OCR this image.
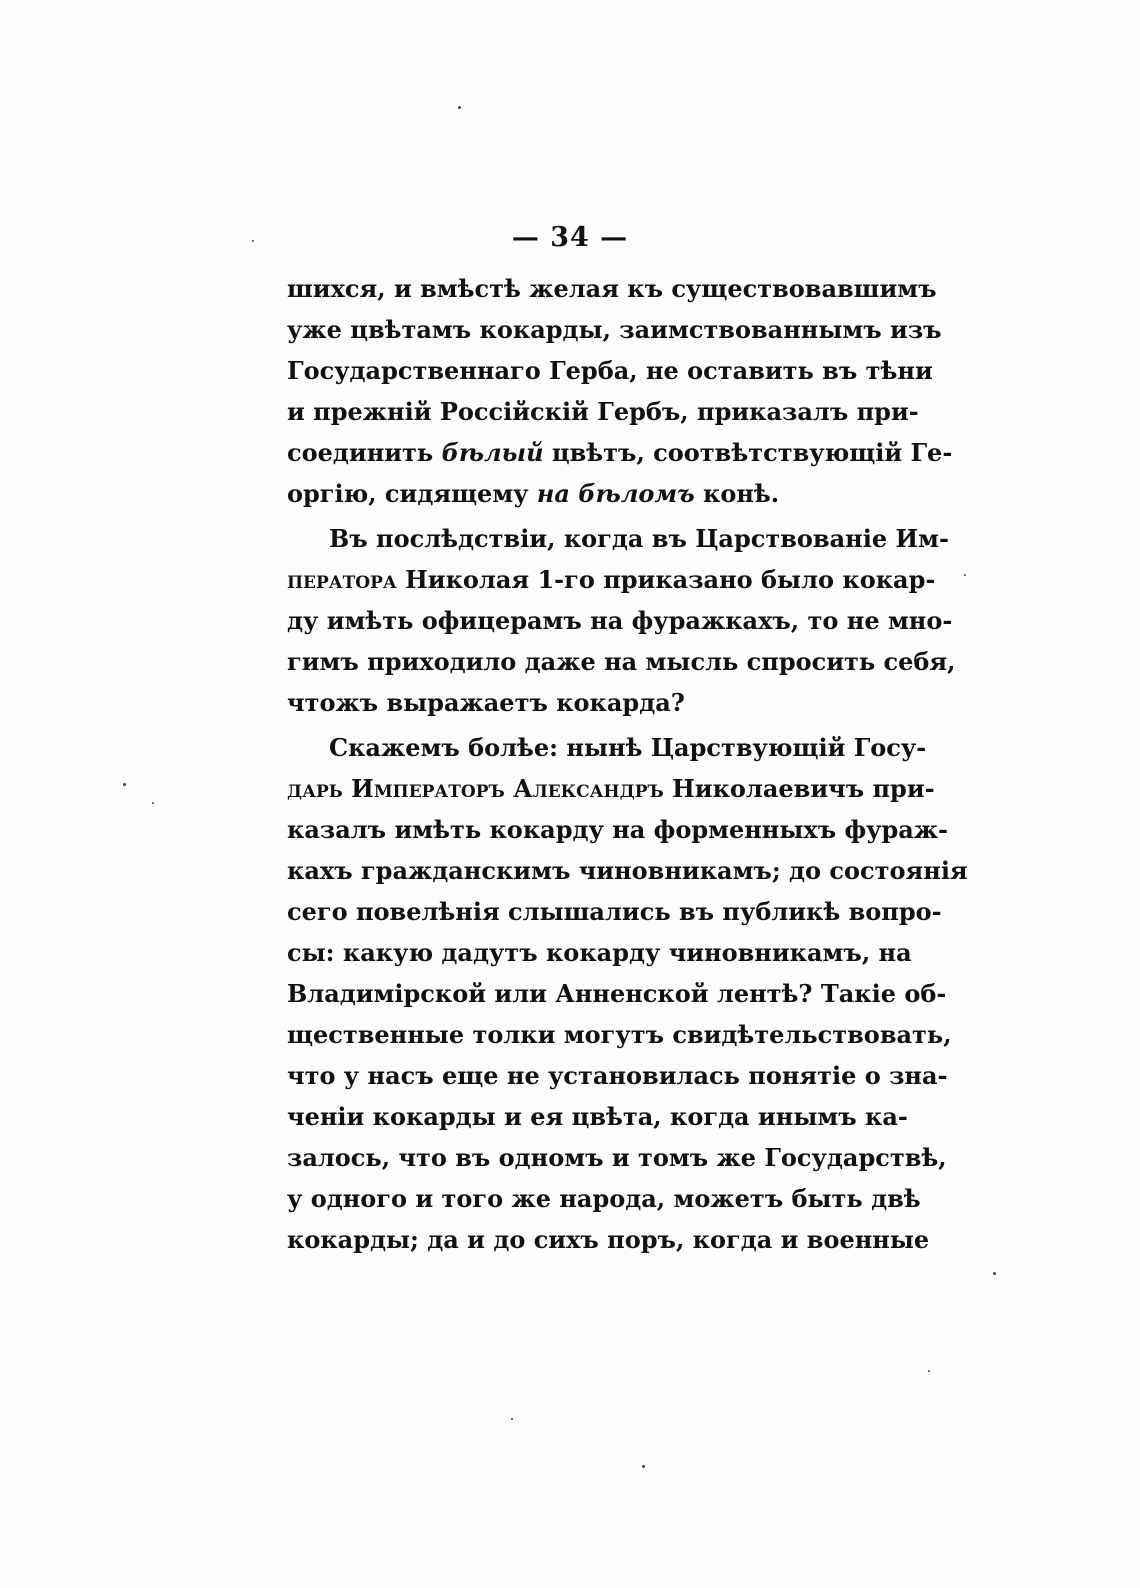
— 34 —
шихся, и вмѣстѣ желая къ существовавшимъ
уже цвѣтамъ кокарды, заимствованнымъ изъ
Государственнаго Герба, не оставить въ тѣни
и прежній Россійскій Гербъ, приказалъ при-
соединить бѣлый цвѣтъ, соотвѣтствующій Ге-
оргію, сидящему на бѣломъ конѣ.
Въ послѣдствіи, когда въ Царствованіе Им-
ператора Николая 1-го приказано было кокар-
ду имѣть офицерамъ на фуражкахъ, то не мно-
гимъ приходило даже на мысль спросить себя,
чтожъ выражаетъ кокарда?
Скажемъ болѣе: нынѣ Царствующій Госу-
дарь Императоръ Александръ Николаевичъ при-
казалъ имѣть кокарду на форменныхъ фураж-
кахъ гражданскимъ чиновникамъ; до состоянія
сего повелѣнія слышались въ публикѣ вопро-
сы: какую дадутъ кокарду чиновникамъ, на
Владимірской или Анненской лентѣ? Такіе об-
щественные толки могутъ свидѣтельствовать,
что у насъ еще не установилась понятіе о зна-
ченіи кокарды и ея цвѣта, когда инымъ ка-
залось, что въ одномъ и томъ же Государствѣ,
у одного и того же народа, можетъ быть двѣ
кокарды; да и до сихъ поръ, когда и военные
